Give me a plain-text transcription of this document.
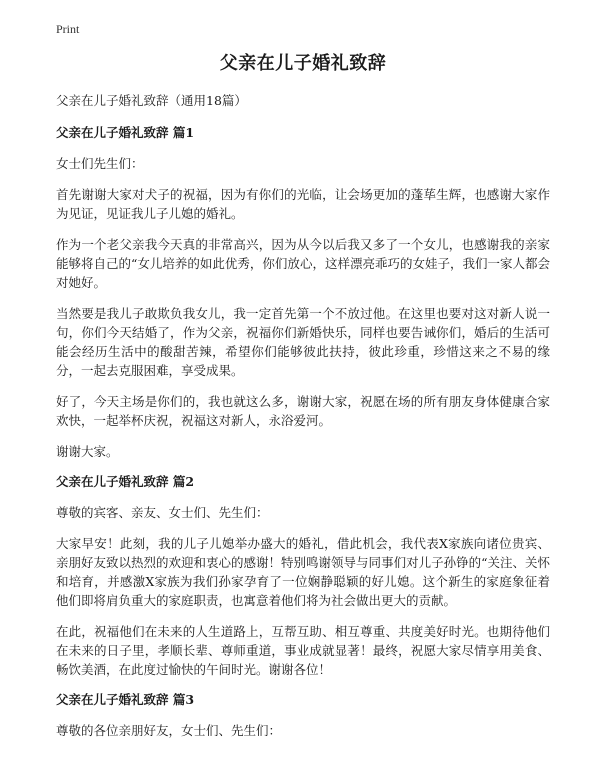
Print
父亲在儿子婚礼致辞

父亲在儿子婚礼致辞（通用18篇）

父亲在儿子婚礼致辞 篇1

女士们先生们：

首先谢谢大家对犬子的祝福，因为有你们的光临，让会场更加的蓬荜生辉，也感谢大家作为见证，见证我儿子儿媳的婚礼。

作为一个老父亲我今天真的非常高兴，因为从今以后我又多了一个女儿，也感谢我的亲家能够将自己的“女儿培养的如此优秀，你们放心，这样漂亮乖巧的女娃子，我们一家人都会对她好。

当然要是我儿子敢欺负我女儿，我一定首先第一个不放过他。在这里也要对这对新人说一句，你们今天结婚了，作为父亲，祝福你们新婚快乐，同样也要告诫你们，婚后的生活可能会经历生活中的酸甜苦辣，希望你们能够彼此扶持，彼此珍重，珍惜这来之不易的缘分，一起去克服困难，享受成果。

好了，今天主场是你们的，我也就这么多，谢谢大家，祝愿在场的所有朋友身体健康合家欢快，一起举杯庆祝，祝福这对新人，永浴爱河。

谢谢大家。

父亲在儿子婚礼致辞 篇2

尊敬的宾客、亲友、女士们、先生们：

大家早安！此刻，我的儿子儿媳举办盛大的婚礼，借此机会，我代表X家族向诸位贵宾、亲朋好友致以热烈的欢迎和衷心的感谢！特别鸣谢领导与同事们对儿子孙铮的“关注、关怀和培育，并感激X家族为我们孙家孕育了一位娴静聪颖的好儿媳。这个新生的家庭象征着他们即将肩负重大的家庭职责，也寓意着他们将为社会做出更大的贡献。

在此，祝福他们在未来的人生道路上，互帮互助、相互尊重、共度美好时光。也期待他们在未来的日子里，孝顺长辈、尊师重道，事业成就显著！最终，祝愿大家尽情享用美食、畅饮美酒，在此度过愉快的午间时光。谢谢各位！

父亲在儿子婚礼致辞 篇3

尊敬的各位亲朋好友，女士们、先生们：
